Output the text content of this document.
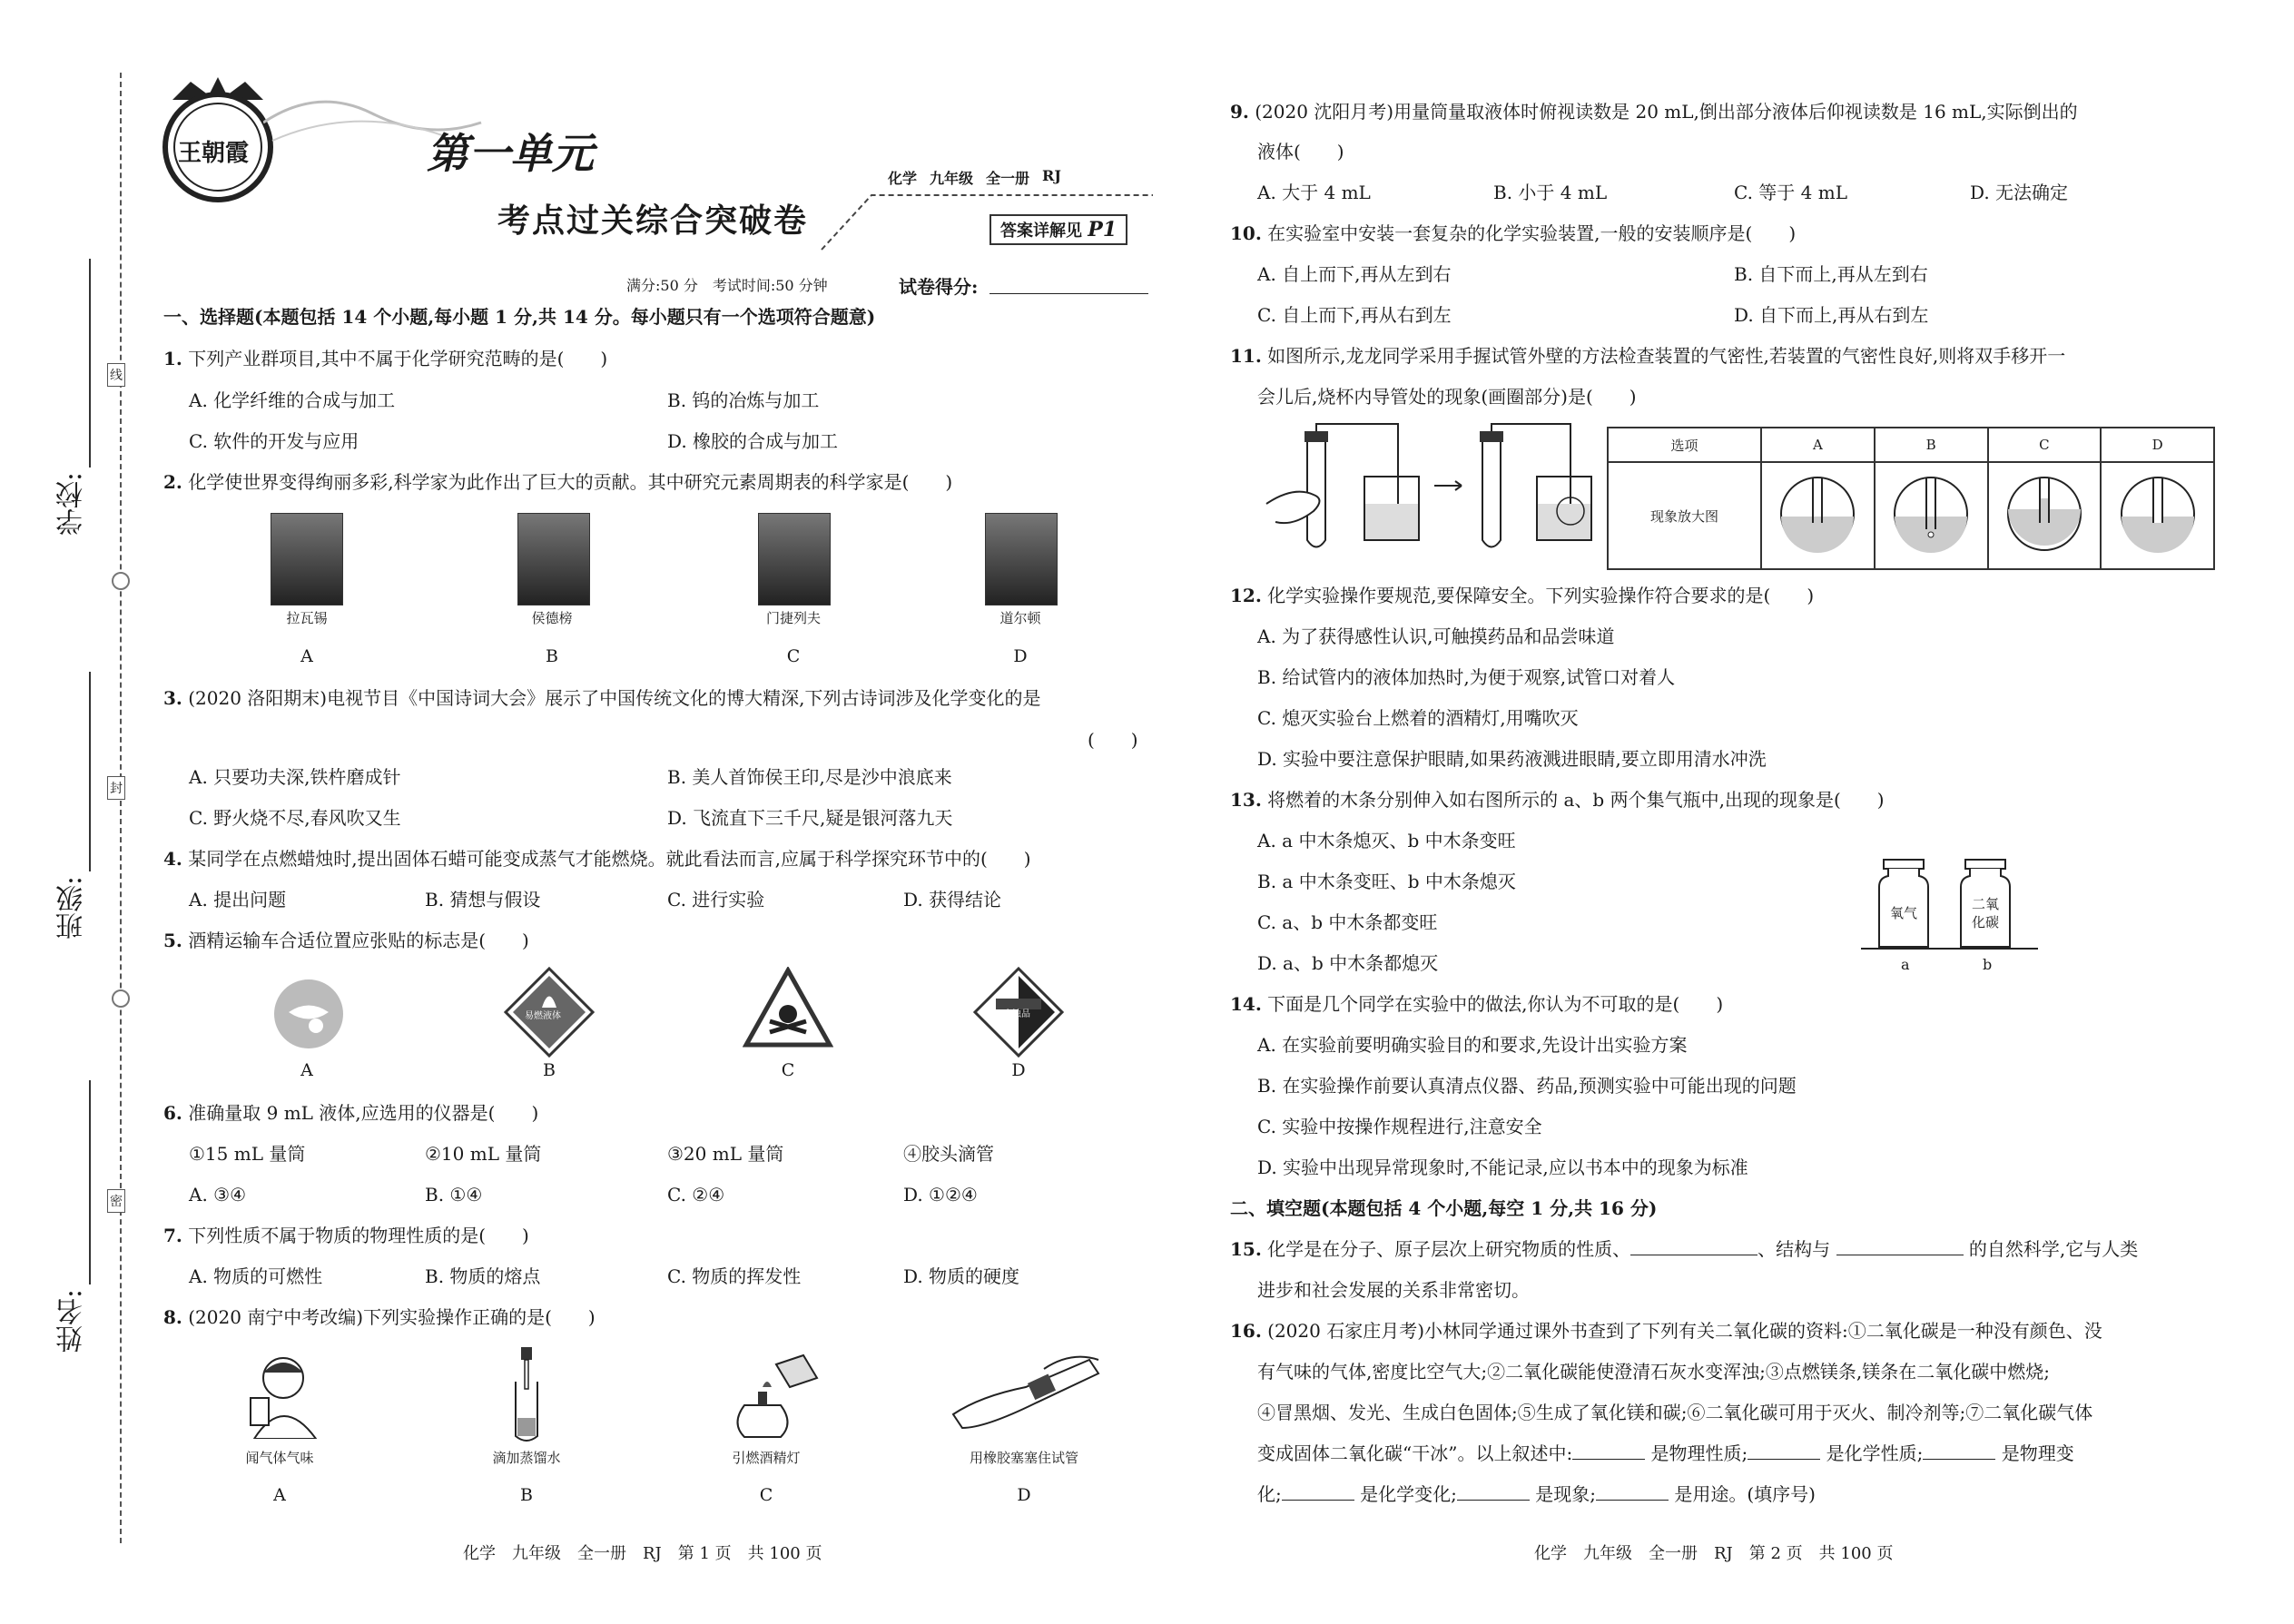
学校:
班级:
姓名:
线
封
密
王朝霞	第一单元
考点过关综合突破卷
化学 九年级 全一册 RJ
答案详解见 P1
满分:50 分　考试时间:50 分钟	试卷得分:
一、选择题(本题包括 14 个小题,每小题 1 分,共 14 分。每小题只有一个选项符合题意)
1. 下列产业群项目,其中不属于化学研究范畴的是(　　)
A. 化学纤维的合成与加工	B. 钨的冶炼与加工
C. 软件的开发与应用	D. 橡胶的合成与加工
2. 化学使世界变得绚丽多彩,科学家为此作出了巨大的贡献。其中研究元素周期表的科学家是(　　)
拉瓦锡	侯德榜	门捷列夫	道尔顿
A	B	C	D
3. (2020 洛阳期末)电视节目《中国诗词大会》展示了中国传统文化的博大精深,下列古诗词涉及化学变化的是
(　　)
A. 只要功夫深,铁杵磨成针	B. 美人首饰侯王印,尽是沙中浪底来
C. 野火烧不尽,春风吹又生	D. 飞流直下三千尺,疑是银河落九天
4. 某同学在点燃蜡烛时,提出固体石蜡可能变成蒸气才能燃烧。就此看法而言,应属于科学探究环节中的(　　)
A. 提出问题	B. 猜想与假设	C. 进行实验	D. 获得结论
5. 酒精运输车合适位置应张贴的标志是(　　)
易燃液体	腐蚀品
A	B	C	D
6. 准确量取 9 mL 液体,应选用的仪器是(　　)
①15 mL 量筒	②10 mL 量筒	③20 mL 量筒	④胶头滴管
A. ③④	B. ①④	C. ②④	D. ①②④
7. 下列性质不属于物质的物理性质的是(　　)
A. 物质的可燃性	B. 物质的熔点	C. 物质的挥发性	D. 物质的硬度
8. (2020 南宁中考改编)下列实验操作正确的是(　　)
闻气体气味	滴加蒸馏水	引燃酒精灯	用橡胶塞塞住试管
A	B	C	D
化学　九年级　全一册　RJ　第 1 页　共 100 页
9. (2020 沈阳月考)用量筒量取液体时俯视读数是 20 mL,倒出部分液体后仰视读数是 16 mL,实际倒出的
液体(　　)
A. 大于 4 mL	B. 小于 4 mL	C. 等于 4 mL	D. 无法确定
10. 在实验室中安装一套复杂的化学实验装置,一般的安装顺序是(　　)
A. 自上而下,再从左到右	B. 自下而上,再从左到右
C. 自上而下,再从右到左	D. 自下而上,再从右到左
11. 如图所示,龙龙同学采用手握试管外壁的方法检查装置的气密性,若装置的气密性良好,则将双手移开一
会儿后,烧杯内导管处的现象(画圈部分)是(　　)
选项	A	B	C	D
现象放大图				
12. 化学实验操作要规范,要保障安全。下列实验操作符合要求的是(　　)
A. 为了获得感性认识,可触摸药品和品尝味道
B. 给试管内的液体加热时,为便于观察,试管口对着人
C. 熄灭实验台上燃着的酒精灯,用嘴吹灭
D. 实验中要注意保护眼睛,如果药液溅进眼睛,要立即用清水冲洗
13. 将燃着的木条分别伸入如右图所示的 a、b 两个集气瓶中,出现的现象是(　　)
A. a 中木条熄灭、b 中木条变旺
B. a 中木条变旺、b 中木条熄灭
C. a、b 中木条都变旺
D. a、b 中木条都熄灭
氧气
二氧
化碳
a	b
14. 下面是几个同学在实验中的做法,你认为不可取的是(　　)
A. 在实验前要明确实验目的和要求,先设计出实验方案
B. 在实验操作前要认真清点仪器、药品,预测实验中可能出现的问题
C. 实验中按操作规程进行,注意安全
D. 实验中出现异常现象时,不能记录,应以书本中的现象为标准
二、填空题(本题包括 4 个小题,每空 1 分,共 16 分)
15. 化学是在分子、原子层次上研究物质的性质、	、结构与	的自然科学,它与人类
进步和社会发展的关系非常密切。
16. (2020 石家庄月考)小林同学通过课外书查到了下列有关二氧化碳的资料:①二氧化碳是一种没有颜色、没
有气味的气体,密度比空气大;②二氧化碳能使澄清石灰水变浑浊;③点燃镁条,镁条在二氧化碳中燃烧;
④冒黑烟、发光、生成白色固体;⑤生成了氧化镁和碳;⑥二氧化碳可用于灭火、制冷剂等;⑦二氧化碳气体
变成固体二氧化碳“干冰”。以上叙述中:	是物理性质;	是化学性质;	是物理变
化;	是化学变化;	是现象;	是用途。(填序号)
化学　九年级　全一册　RJ　第 2 页　共 100 页
